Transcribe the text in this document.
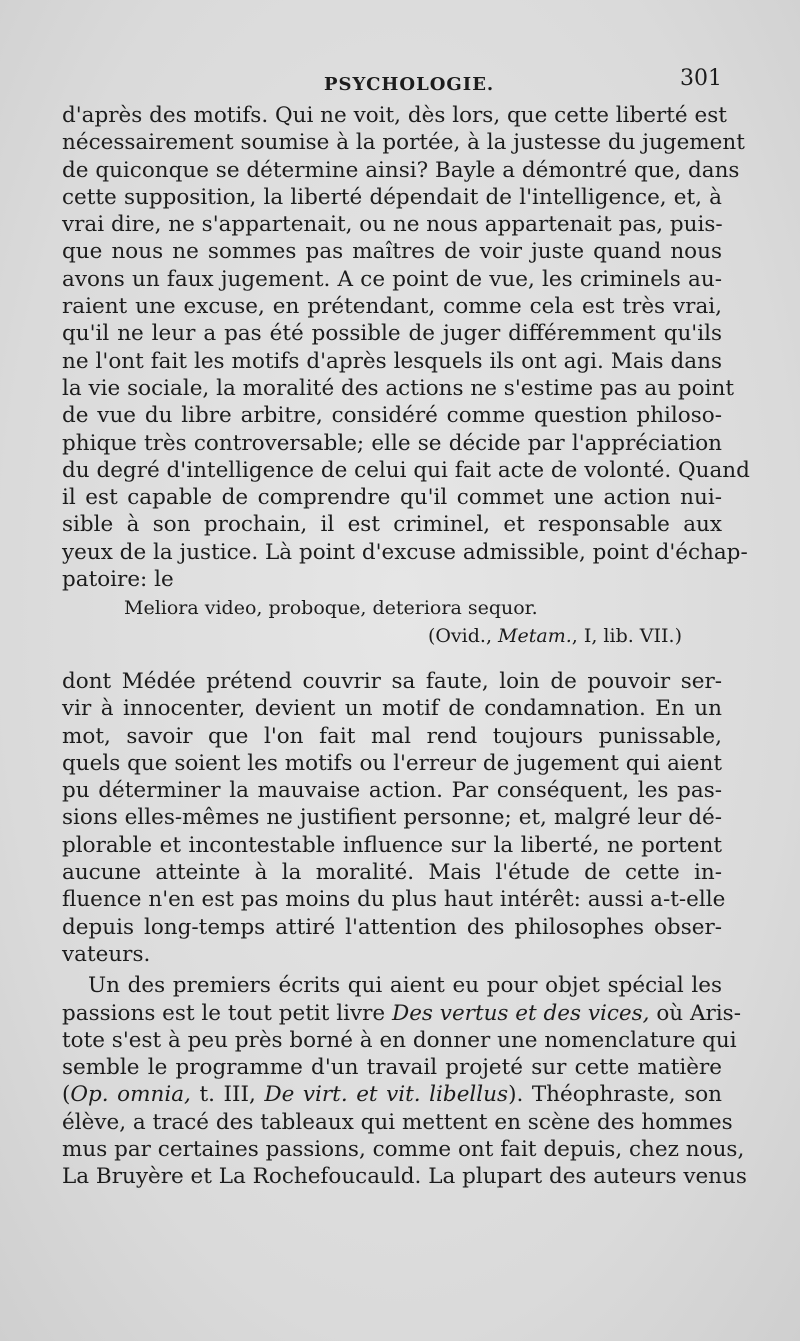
PSYCHOLOGIE.	301
d'après des motifs. Qui ne voit, dès lors, que cette liberté est
nécessairement soumise à la portée, à la justesse du jugement
de quiconque se détermine ainsi? Bayle a démontré que, dans
cette supposition, la liberté dépendait de l'intelligence, et, à
vrai dire, ne s'appartenait, ou ne nous appartenait pas, puis-
que nous ne sommes pas maîtres de voir juste quand nous
avons un faux jugement. A ce point de vue, les criminels au-
raient une excuse, en prétendant, comme cela est très vrai,
qu'il ne leur a pas été possible de juger différemment qu'ils
ne l'ont fait les motifs d'après lesquels ils ont agi. Mais dans
la vie sociale, la moralité des actions ne s'estime pas au point
de vue du libre arbitre, considéré comme question philoso-
phique très controversable; elle se décide par l'appréciation
du degré d'intelligence de celui qui fait acte de volonté. Quand
il est capable de comprendre qu'il commet une action nui-
sible à son prochain, il est criminel, et responsable aux
yeux de la justice. Là point d'excuse admissible, point d'échap-
patoire: le
Meliora video, proboque, deteriora sequor.
(Ovid., Metam., I, lib. VII.)
dont Médée prétend couvrir sa faute, loin de pouvoir ser-
vir à innocenter, devient un motif de condamnation. En un
mot, savoir que l'on fait mal rend toujours punissable,
quels que soient les motifs ou l'erreur de jugement qui aient
pu déterminer la mauvaise action. Par conséquent, les pas-
sions elles-mêmes ne justifient personne; et, malgré leur dé-
plorable et incontestable influence sur la liberté, ne portent
aucune atteinte à la moralité. Mais l'étude de cette in-
fluence n'en est pas moins du plus haut intérêt: aussi a-t-elle
depuis long-temps attiré l'attention des philosophes obser-
vateurs.
Un des premiers écrits qui aient eu pour objet spécial les
passions est le tout petit livre Des vertus et des vices, où Aris-
tote s'est à peu près borné à en donner une nomenclature qui
semble le programme d'un travail projeté sur cette matière
(Op. omnia, t. III, De virt. et vit. libellus). Théophraste, son
élève, a tracé des tableaux qui mettent en scène des hommes
mus par certaines passions, comme ont fait depuis, chez nous,
La Bruyère et La Rochefoucauld. La plupart des auteurs venus
